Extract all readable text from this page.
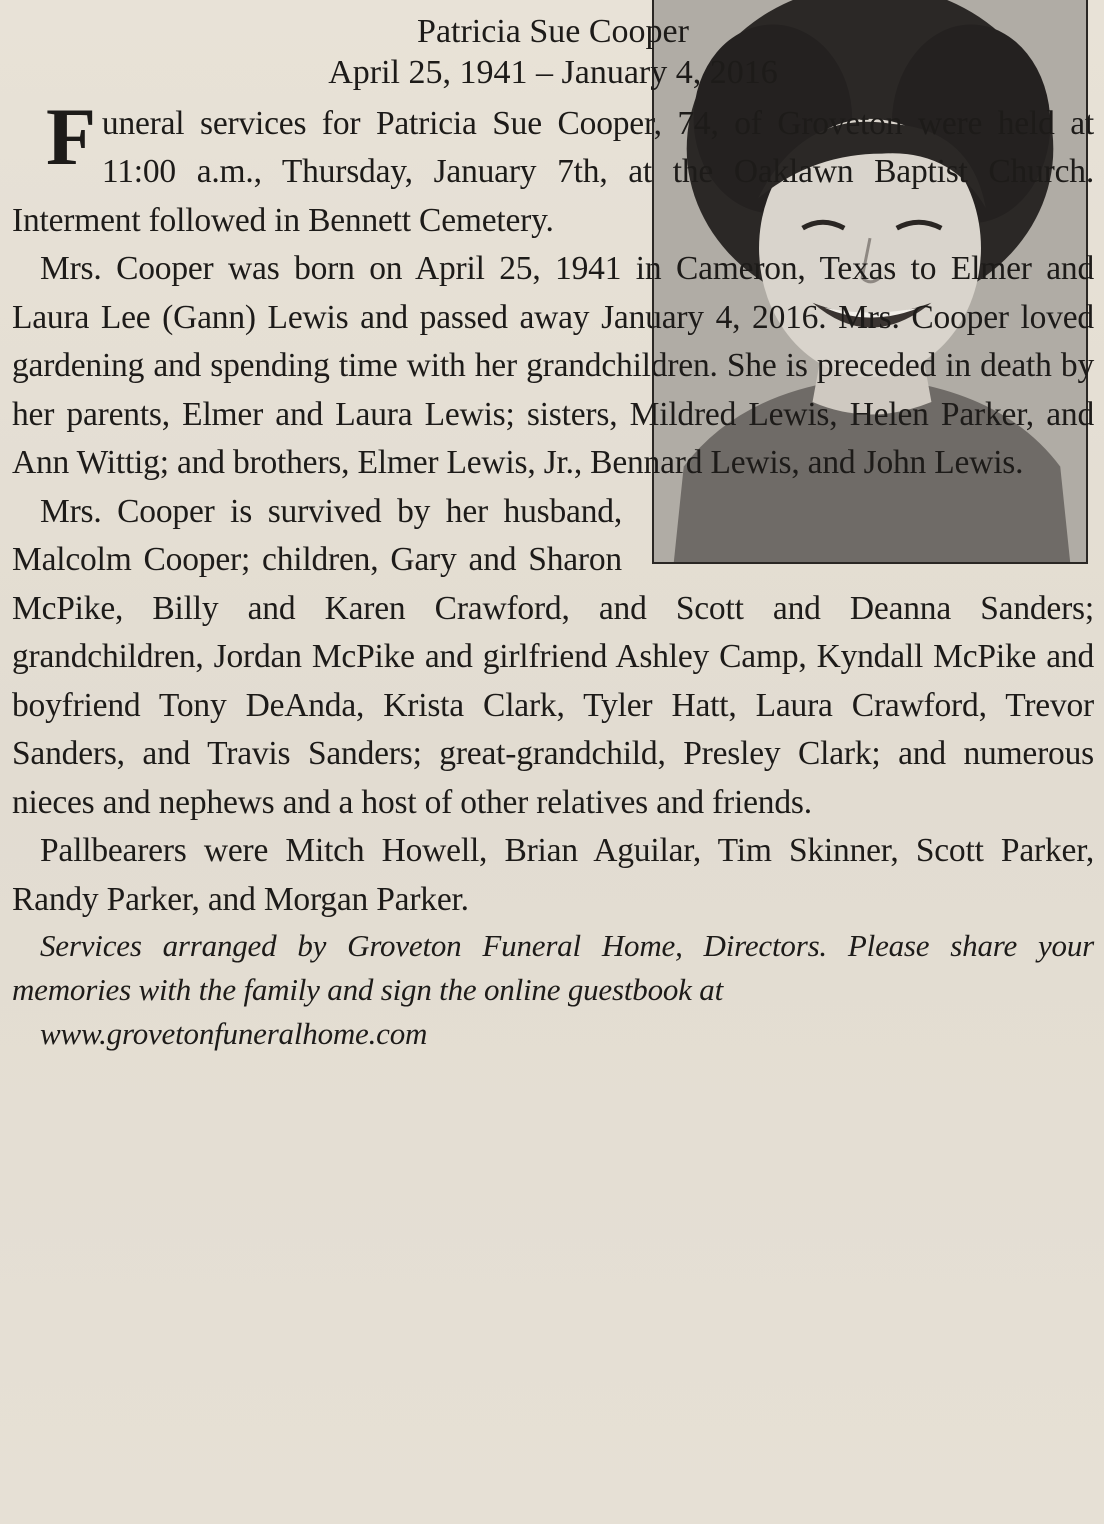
Patricia Sue Cooper
April 25, 1941 – January 4, 2016

Funeral services for Patricia Sue Cooper, 74, of Groveton were held at 11:00 a.m., Thursday, January 7th, at the Oaklawn Baptist Church. Interment followed in Bennett Cemetery.

Mrs. Cooper was born on April 25, 1941 in Cameron, Texas to Elmer and Laura Lee (Gann) Lewis and passed away January 4, 2016. Mrs. Cooper loved gardening and spending time with her grandchildren. She is preceded in death by her parents, Elmer and Laura Lewis; sisters, Mildred Lewis, Helen Parker, and Ann Wittig; and brothers, Elmer Lewis, Jr., Bennard Lewis, and John Lewis.

Mrs. Cooper is survived by her husband, Malcolm Cooper; children, Gary and Sharon McPike, Billy and Karen Crawford, and Scott and Deanna Sanders; grandchildren, Jordan McPike and girlfriend Ashley Camp, Kyndall McPike and boyfriend Tony DeAnda, Krista Clark, Tyler Hatt, Laura Crawford, Trevor Sanders, and Travis Sanders; great-grandchild, Presley Clark; and numerous nieces and nephews and a host of other relatives and friends.

Pallbearers were Mitch Howell, Brian Aguilar, Tim Skinner, Scott Parker, Randy Parker, and Morgan Parker.

Services arranged by Groveton Funeral Home, Directors. Please share your memories with the family and sign the online guestbook at
www.grovetonfuneralhome.com
